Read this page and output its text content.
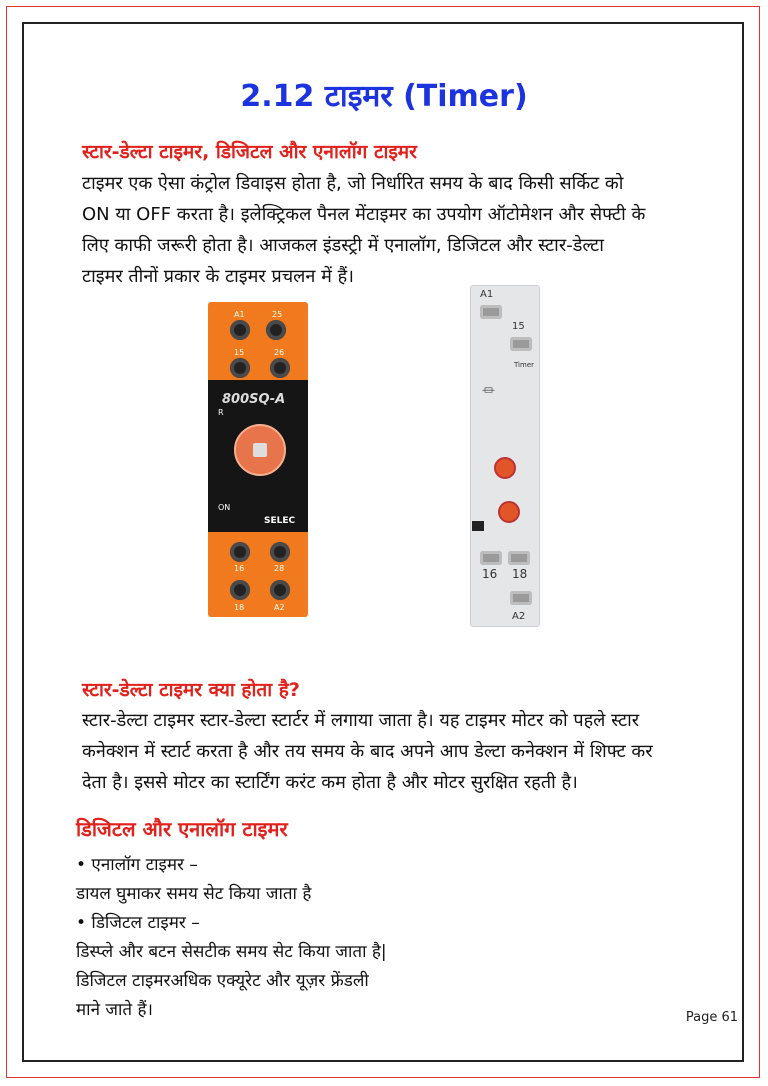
2.12 टाइमर (Timer)
स्टार-डेल्टा टाइमर, डिजिटल और एनालॉग टाइमर

टाइमर एक ऐसा कंट्रोल डिवाइस होता है, जो निर्धारित समय के बाद किसी सर्किट को

ON या OFF करता है। इलेक्ट्रिकल पैनल मेंटाइमर का उपयोग ऑटोमेशन और सेफ्टी के

लिए काफी जरूरी होता है। आजकल इंडस्ट्री में एनालॉग, डिजिटल और स्टार-डेल्टा

टाइमर तीनों प्रकार के टाइमर प्रचलन में हैं।

A1	25
15	26
800SQ-A
R
ON
SELEC
16	28
18	A2
A1
15
Timer
⏛
16 18
A2
स्टार-डेल्टा टाइमर क्या होता है?

स्टार-डेल्टा टाइमर स्टार-डेल्टा स्टार्टर में लगाया जाता है। यह टाइमर मोटर को पहले स्टार

कनेक्शन में स्टार्ट करता है और तय समय के बाद अपने आप डेल्टा कनेक्शन में शिफ्ट कर

देता है। इससे मोटर का स्टार्टिंग करंट कम होता है और मोटर सुरक्षित रहती है।

डिजिटल और एनालॉग टाइमर

• एनालॉग टाइमर –

डायल घुमाकर समय सेट किया जाता है

• डिजिटल टाइमर –

डिस्प्ले और बटन सेसटीक समय सेट किया जाता है|

डिजिटल टाइमरअधिक एक्यूरेट और यूज़र फ्रेंडली

माने जाते हैं।	Page 61
